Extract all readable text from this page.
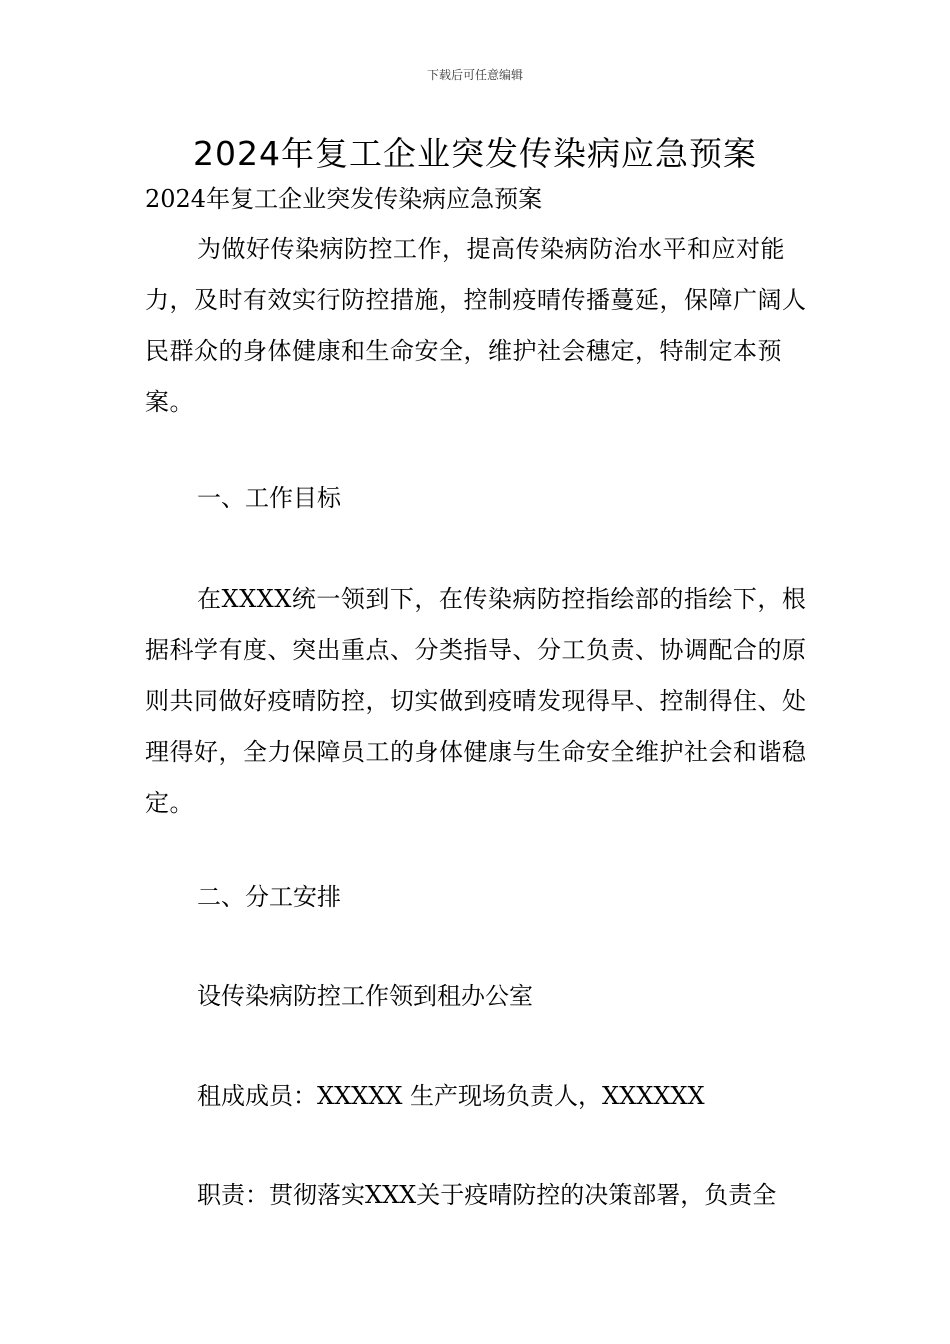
下载后可任意编辑
2024年复工企业突发传染病应急预案
2024年复工企业突发传染病应急预案
为做好传染病防控工作，提高传染病防治水平和应对能力，及时有效实行防控措施，控制疫晴传播蔓延，保障广阔人民群众的身体健康和生命安全，维护社会穗定，特制定本预案。
一、工作目标
在XXXX统一领到下，在传染病防控指绘部的指绘下，根据科学有度、突出重点、分类指导、分工负责、协调配合的原则共同做好疫晴防控，切实做到疫晴发现得早、控制得住、处理得好，全力保障员工的身体健康与生命安全维护社会和谐稳定。
二、分工安排
设传染病防控工作领到租办公室
租成成员：XXXXX 生产现场负责人，XXXXXX
职责：贯彻落实XXX关于疫晴防控的决策部署，负责全
